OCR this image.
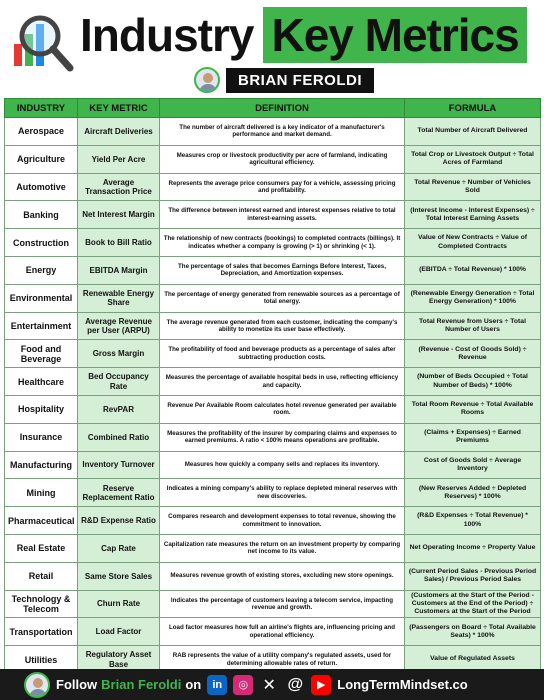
Industry Key Metrics
BRIAN FEROLDI
INDUSTRY	KEY METRIC	DEFINITION	FORMULA
Aerospace	Aircraft Deliveries	The number of aircraft delivered is a key indicator of a manufacturer's performance and market demand.	Total Number of Aircraft Delivered
Agriculture	Yield Per Acre	Measures crop or livestock productivity per acre of farmland, indicating agricultural efficiency.	Total Crop or Livestock Output ÷ Total Acres of Farmland
Automotive	Average Transaction Price	Represents the average price consumers pay for a vehicle, assessing pricing and profitability.	Total Revenue ÷ Number of Vehicles Sold
Banking	Net Interest Margin	The difference between interest earned and interest expenses relative to total interest-earning assets.	(Interest Income - Interest Expenses) ÷ Total Interest Earning Assets
Construction	Book to Bill Ratio	The relationship of new contracts (bookings) to completed contracts (billings). It indicates whether a company is growing (> 1) or shrinking (< 1).	Value of New Contracts ÷ Value of Completed Contracts
Energy	EBITDA Margin	The percentage of sales that becomes Earnings Before Interest, Taxes, Depreciation, and Amortization expenses.	(EBITDA ÷ Total Revenue) * 100%
Environmental	Renewable Energy Share	The percentage of energy generated from renewable sources as a percentage of total energy.	(Renewable Energy Generation ÷ Total Energy Generation) * 100%
Entertainment	Average Revenue per User (ARPU)	The average revenue generated from each customer, indicating the company's ability to monetize its user base effectively.	Total Revenue from Users ÷ Total Number of Users
Food and Beverage	Gross Margin	The profitability of food and beverage products as a percentage of sales after subtracting production costs.	(Revenue - Cost of Goods Sold) ÷ Revenue
Healthcare	Bed Occupancy Rate	Measures the percentage of available hospital beds in use, reflecting efficiency and capacity.	(Number of Beds Occupied ÷ Total Number of Beds) * 100%
Hospitality	RevPAR	Revenue Per Available Room calculates hotel revenue generated per available room.	Total Room Revenue ÷ Total Available Rooms
Insurance	Combined Ratio	Measures the profitability of the insurer by comparing claims and expenses to earned premiums. A ratio < 100% means operations are profitable.	(Claims + Expenses) ÷ Earned Premiums
Manufacturing	Inventory Turnover	Measures how quickly a company sells and replaces its inventory.	Cost of Goods Sold ÷ Average Inventory
Mining	Reserve Replacement Ratio	Indicates a mining company's ability to replace depleted mineral reserves with new discoveries.	(New Reserves Added ÷ Depleted Reserves) * 100%
Pharmaceutical	R&D Expense Ratio	Compares research and development expenses to total revenue, showing the commitment to innovation.	(R&D Expenses ÷ Total Revenue) * 100%
Real Estate	Cap Rate	Capitalization rate measures the return on an investment property by comparing net income to its value.	Net Operating Income ÷ Property Value
Retail	Same Store Sales	Measures revenue growth of existing stores, excluding new store openings.	(Current Period Sales - Previous Period Sales) / Previous Period Sales
Technology & Telecom	Churn Rate	Indicates the percentage of customers leaving a telecom service, impacting revenue and growth.	(Customers at the Start of the Period - Customers at the End of the Period) ÷ Customers at the Start of the Period
Transportation	Load Factor	Load factor measures how full an airline's flights are, influencing pricing and operational efficiency.	(Passengers on Board ÷ Total Available Seats) * 100%
Utilities	Regulatory Asset Base	RAB represents the value of a utility company's regulated assets, used for determining allowable rates of return.	Value of Regulated Assets
Follow Brian Feroldi on	in	◎ ✕ @	▶ LongTermMindset.co
